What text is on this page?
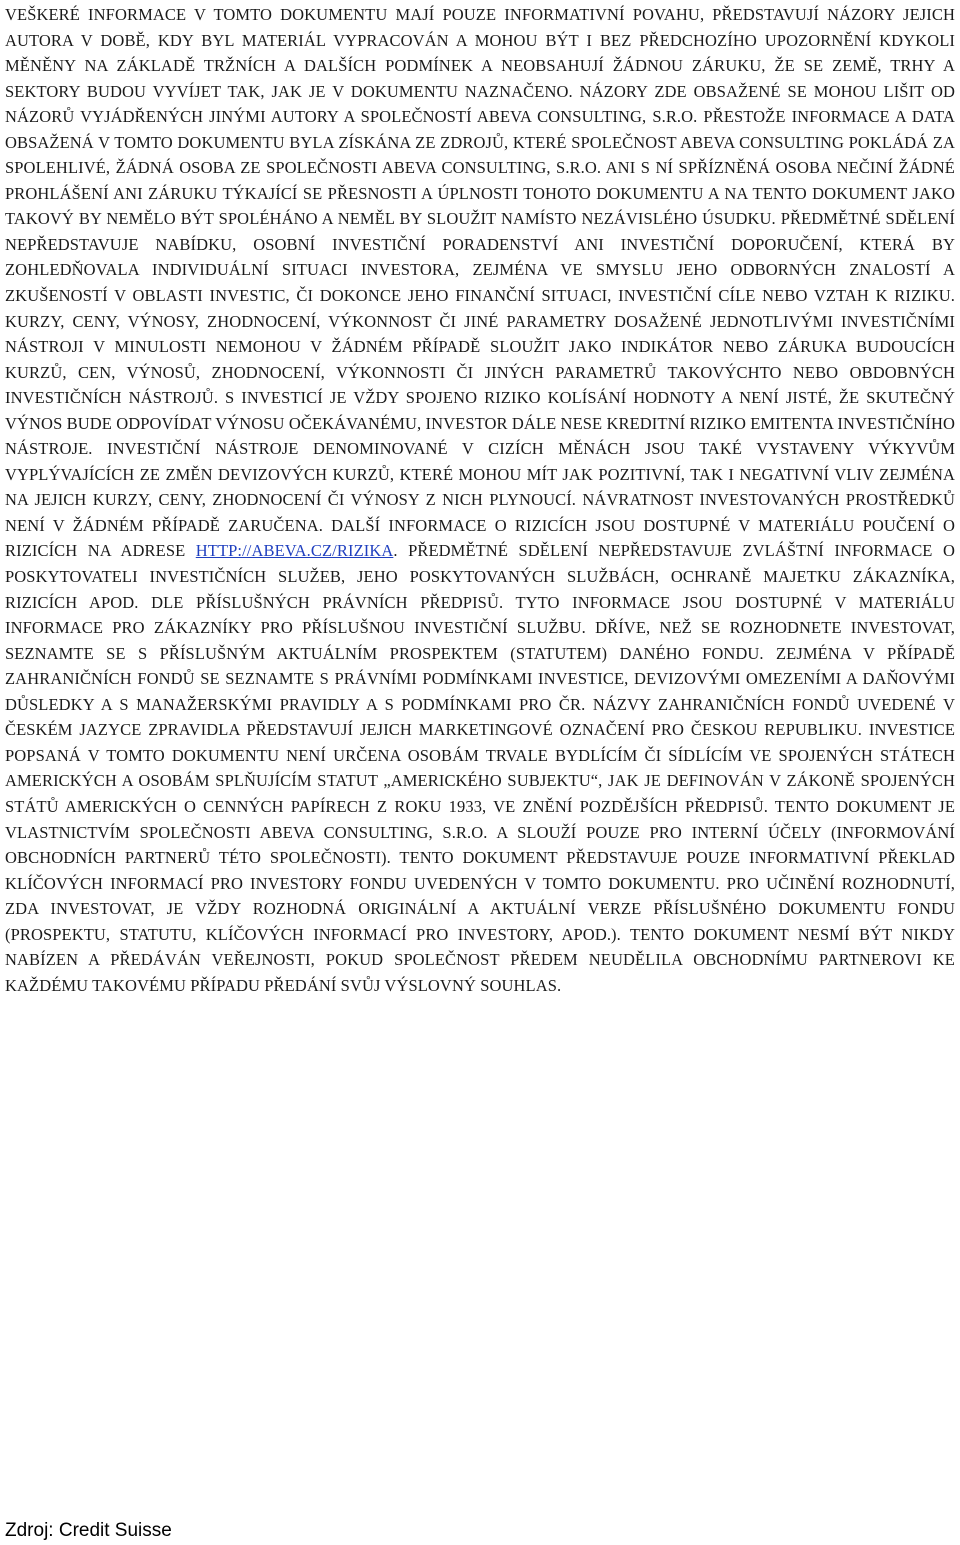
VEŠKERÉ INFORMACE V TOMTO DOKUMENTU MAJÍ POUZE INFORMATIVNÍ POVAHU, PŘEDSTAVUJÍ NÁZORY JEJICH AUTORA V DOBĚ, KDY BYL MATERIÁL VYPRACOVÁN A MOHOU BÝT I BEZ PŘEDCHOZÍHO UPOZORNĚNÍ KDYKOLI MĚNĚNY NA ZÁKLADĚ TRŽNÍCH A DALŠÍCH PODMÍNEK A NEOBSAHUJÍ ŽÁDNOU ZÁRUKU, ŽE SE ZEMĚ, TRHY A SEKTORY BUDOU VYVÍJET TAK, JAK JE V DOKUMENTU NAZNAČENO. NÁZORY ZDE OBSAŽENÉ SE MOHOU LIŠIT OD NÁZORŮ VYJÁDŘENÝCH JINÝMI AUTORY A SPOLEČNOSTÍ ABEVA CONSULTING, S.R.O. PŘESTOŽE INFORMACE A DATA OBSAŽENÁ V TOMTO DOKUMENTU BYLA ZÍSKÁNA ZE ZDROJŮ, KTERÉ SPOLEČNOST ABEVA CONSULTING POKLÁDÁ ZA SPOLEHLIVÉ, ŽÁDNÁ OSOBA ZE SPOLEČNOSTI ABEVA CONSULTING, S.R.O. ANI S NÍ SPŘÍZNĚNÁ OSOBA NEČINÍ ŽÁDNÉ PROHLÁŠENÍ ANI ZÁRUKU TÝKAJÍCÍ SE PŘESNOSTI A ÚPLNOSTI TOHOTO DOKUMENTU A NA TENTO DOKUMENT JAKO TAKOVÝ BY NEMĚLO BÝT SPOLÉHÁNO A NEMĚL BY SLOUŽIT NAMÍSTO NEZÁVISLÉHO ÚSUDKU. PŘEDMĚTNÉ SDĚLENÍ NEPŘEDSTAVUJE NABÍDKU, OSOBNÍ INVESTIČNÍ PORADENSTVÍ ANI INVESTIČNÍ DOPORUČENÍ, KTERÁ BY ZOHLEDŇOVALA INDIVIDUÁLNÍ SITUACI INVESTORA, ZEJMÉNA VE SMYSLU JEHO ODBORNÝCH ZNALOSTÍ A ZKUŠENOSTÍ V OBLASTI INVESTIC, ČI DOKONCE JEHO FINANČNÍ SITUACI, INVESTIČNÍ CÍLE NEBO VZTAH K RIZIKU. KURZY, CENY, VÝNOSY, ZHODNOCENÍ, VÝKONNOST ČI JINÉ PARAMETRY DOSAŽENÉ JEDNOTLIVÝMI INVESTIČNÍMI NÁSTROJI V MINULOSTI NEMOHOU V ŽÁDNÉM PŘÍPADĚ SLOUŽIT JAKO INDIKÁTOR NEBO ZÁRUKA BUDOUCÍCH KURZŮ, CEN, VÝNOSŮ, ZHODNOCENÍ, VÝKONNOSTI ČI JINÝCH PARAMETRŮ TAKOVÝCHTO NEBO OBDOBNÝCH INVESTIČNÍCH NÁSTROJŮ. S INVESTICÍ JE VŽDY SPOJENO RIZIKO KOLÍSÁNÍ HODNOTY A NENÍ JISTÉ, ŽE SKUTEČNÝ VÝNOS BUDE ODPOVÍDAT VÝNOSU OČEKÁVANÉMU, INVESTOR DÁLE NESE KREDITNÍ RIZIKO EMITENTA INVESTIČNÍHO NÁSTROJE. INVESTIČNÍ NÁSTROJE DENOMINOVANÉ V CIZÍCH MĚNÁCH JSOU TAKÉ VYSTAVENY VÝKYVŮM VYPLÝVAJÍCÍCH ZE ZMĚN DEVIZOVÝCH KURZŮ, KTERÉ MOHOU MÍT JAK POZITIVNÍ, TAK I NEGATIVNÍ VLIV ZEJMÉNA NA JEJICH KURZY, CENY, ZHODNOCENÍ ČI VÝNOSY Z NICH PLYNOUCÍ. NÁVRATNOST INVESTOVANÝCH PROSTŘEDKŮ NENÍ V ŽÁDNÉM PŘÍPADĚ ZARUČENA. DALŠÍ INFORMACE O RIZICÍCH JSOU DOSTUPNÉ V MATERIÁLU POUČENÍ O RIZICÍCH NA ADRESE HTTP://ABEVA.CZ/RIZIKA. PŘEDMĚTNÉ SDĚLENÍ NEPŘEDSTAVUJE ZVLÁŠTNÍ INFORMACE O POSKYTOVATELI INVESTIČNÍCH SLUŽEB, JEHO POSKYTOVANÝCH SLUŽBÁCH, OCHRANĚ MAJETKU ZÁKAZNÍKA, RIZICÍCH APOD. DLE PŘÍSLUŠNÝCH PRÁVNÍCH PŘEDPISŮ. TYTO INFORMACE JSOU DOSTUPNÉ V MATERIÁLU INFORMACE PRO ZÁKAZNÍKY PRO PŘÍSLUŠNOU INVESTIČNÍ SLUŽBU. DŘÍVE, NEŽ SE ROZHODNETE INVESTOVAT, SEZNAMTE SE S PŘÍSLUŠNÝM AKTUÁLNÍM PROSPEKTEM (STATUTEM) DANÉHO FONDU. ZEJMÉNA V PŘÍPADĚ ZAHRANIČNÍCH FONDŮ SE SEZNAMTE S PRÁVNÍMI PODMÍNKAMI INVESTICE, DEVIZOVÝMI OMEZENÍMI A DAŇOVÝMI DŮSLEDKY A S MANAŽERSKÝMI PRAVIDLY A S PODMÍNKAMI PRO ČR. NÁZVY ZAHRANIČNÍCH FONDŮ UVEDENÉ V ČESKÉM JAZYCE ZPRAVIDLA PŘEDSTAVUJÍ JEJICH MARKETINGOVÉ OZNAČENÍ PRO ČESKOU REPUBLIKU. INVESTICE POPSANÁ V TOMTO DOKUMENTU NENÍ URČENA OSOBÁM TRVALE BYDLÍCÍM ČI SÍDLÍCÍM VE SPOJENÝCH STÁTECH AMERICKÝCH A OSOBÁM SPLŇUJÍCÍM STATUT „AMERICKÉHO SUBJEKTU“, JAK JE DEFINOVÁN V ZÁKONĚ SPOJENÝCH STÁTŮ AMERICKÝCH O CENNÝCH PAPÍRECH Z ROKU 1933, VE ZNĚNÍ POZDĚJŠÍCH PŘEDPISŮ. TENTO DOKUMENT JE VLASTNICTVÍM SPOLEČNOSTI ABEVA CONSULTING, S.R.O. A SLOUŽÍ POUZE PRO INTERNÍ ÚČELY (INFORMOVÁNÍ OBCHODNÍCH PARTNERŮ TÉTO SPOLEČNOSTI). TENTO DOKUMENT PŘEDSTAVUJE POUZE INFORMATIVNÍ PŘEKLAD KLÍČOVÝCH INFORMACÍ PRO INVESTORY FONDU UVEDENÝCH V TOMTO DOKUMENTU. PRO UČINĚNÍ ROZHODNUTÍ, ZDA INVESTOVAT, JE VŽDY ROZHODNÁ ORIGINÁLNÍ A AKTUÁLNÍ VERZE PŘÍSLUŠNÉHO DOKUMENTU FONDU (PROSPEKTU, STATUTU, KLÍČOVÝCH INFORMACÍ PRO INVESTORY, APOD.). TENTO DOKUMENT NESMÍ BÝT NIKDY NABÍZEN A PŘEDÁVÁN VEŘEJNOSTI, POKUD SPOLEČNOST PŘEDEM NEUDĚLILA OBCHODNÍMU PARTNEROVI KE KAŽDÉMU TAKOVÉMU PŘÍPADU PŘEDÁNÍ SVŮJ VÝSLOVNÝ SOUHLAS.

Zdroj: Credit Suisse
